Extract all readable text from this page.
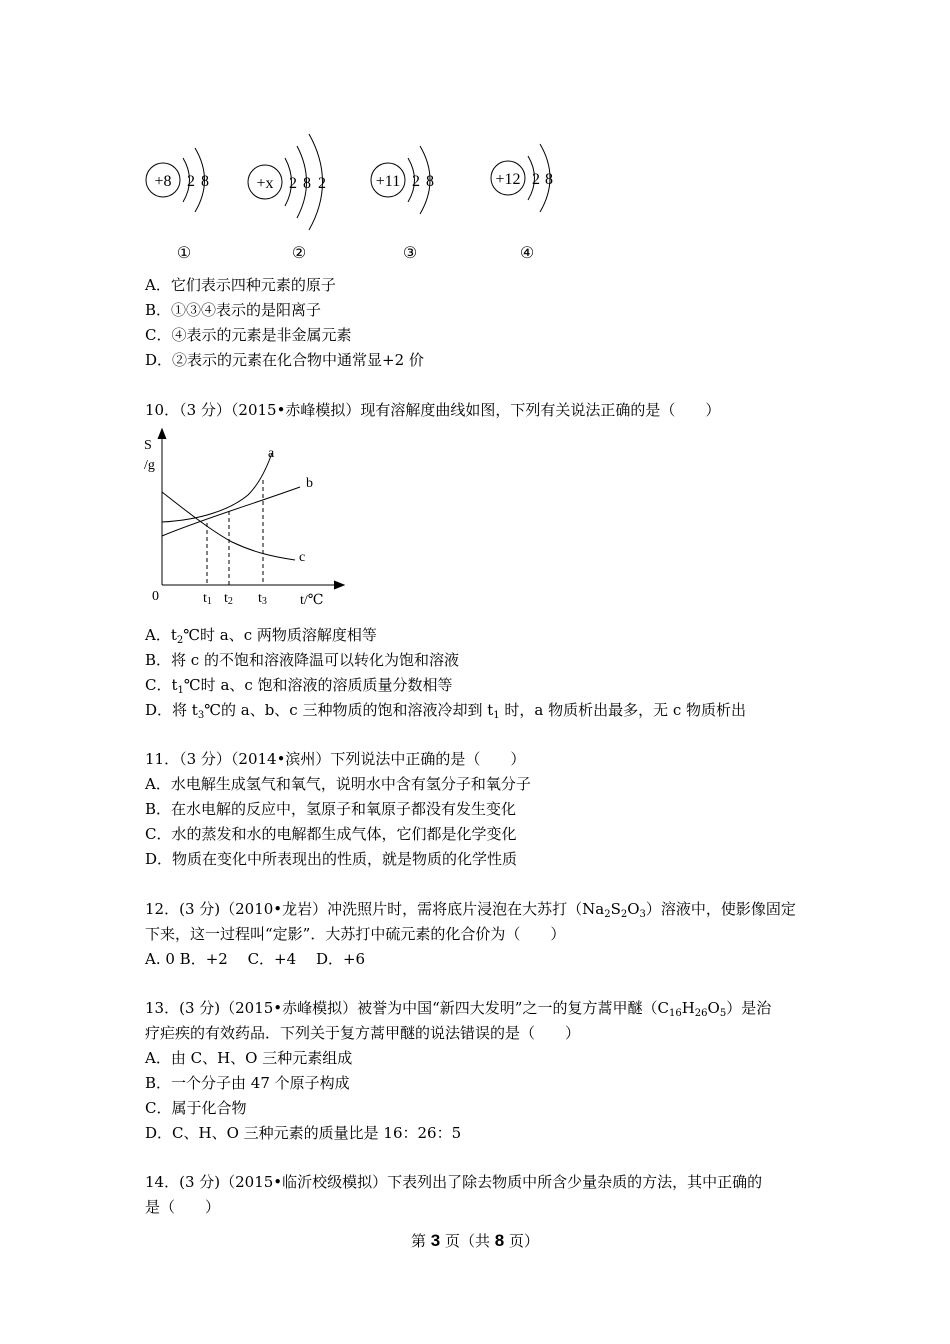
+8 2 8
①
+x 2 8 2
②
+11 2 8
③
+12 2 8
④
A．它们表示四种元素的原子
B．①③④表示的是阳离子
C．④表示的元素是非金属元素
D．②表示的元素在化合物中通常显+2 价
10．（3 分）（2015•赤峰模拟）现有溶解度曲线如图，下列有关说法正确的是（　　）
S
/g
0
a
b
c
t1 t2 t3 t/℃
A．$t_2℃$时 a、c 两物质溶解度相等
B．将 c 的不饱和溶液降温可以转化为饱和溶液
C．$t_1℃$时 a、c 饱和溶液的溶质质量分数相等
D．将 $t_3℃$的 a、b、c 三种物质的饱和溶液冷却到 $t_1$ 时，a 物质析出最多，无 c 物质析出
11．（3 分）（2014•滨州）下列说法中正确的是（　　）
A．水电解生成氢气和氧气，说明水中含有氢分子和氧分子
B．在水电解的反应中，氢原子和氧原子都没有发生变化
C．水的蒸发和水的电解都生成气体，它们都是化学变化
D．物质在变化中所表现出的性质，就是物质的化学性质
12．(3 分)（2010•龙岩）冲洗照片时，需将底片浸泡在大苏打$(Na_2S_2O_3)$溶液中，使影像固定
下来，这一过程叫“定影”．大苏打中硫元素的化合价为（　　）
A. 0 B．+2　 C．+4　 D．+6
13．(3 分)（2015•赤峰模拟）被誉为中国“新四大发明”之一的复方蒿甲醚$(C_{16}H_{26}O_5)$是治
疗疟疾的有效药品．下列关于复方蒿甲醚的说法错误的是（　　）
A．由 C、H、O 三种元素组成
B．一个分子由 47 个原子构成
C．属于化合物
D．C、H、O 三种元素的质量比是 16：26：5
14．(3 分)（2015•临沂校级模拟）下表列出了除去物质中所含少量杂质的方法，其中正确的
是（　　）
第 3 页（共 8 页）
